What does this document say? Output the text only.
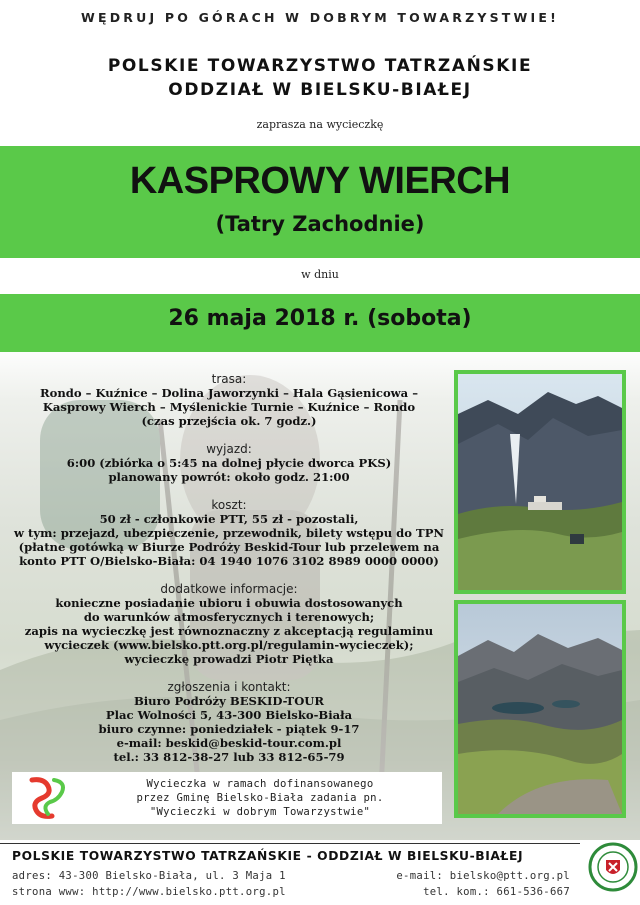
WĘDRUJ PO GÓRACH W DOBRYM TOWARZYSTWIE!
POLSKIE TOWARZYSTWO TATRZAŃSKIE
ODDZIAŁ W BIELSKU-BIAŁEJ
zaprasza na wycieczkę
KASPROWY WIERCH
(Tatry Zachodnie)
w dniu
26 maja 2018 r. (sobota)
trasa:
Rondo – Kuźnice – Dolina Jaworzynki – Hala Gąsienicowa –
Kasprowy Wierch – Myślenickie Turnie – Kuźnice – Rondo
(czas przejścia ok. 7 godz.)
wyjazd:
6:00 (zbiórka o 5:45 na dolnej płycie dworca PKS)
planowany powrót: około godz. 21:00
koszt:
50 zł - członkowie PTT, 55 zł - pozostali,
w tym: przejazd, ubezpieczenie, przewodnik, bilety wstępu do TPN
(płatne gotówką w Biurze Podróży Beskid-Tour lub przelewem na
konto PTT O/Bielsko-Biała: 04 1940 1076 3102 8989 0000 0000)
dodatkowe informacje:
konieczne posiadanie ubioru i obuwia dostosowanych
do warunków atmosferycznych i terenowych;
zapis na wycieczkę jest równoznaczny z akceptacją regulaminu
wycieczek (www.bielsko.ptt.org.pl/regulamin-wycieczek);
wycieczkę prowadzi Piotr Piętka
zgłoszenia i kontakt:
Biuro Podróży BESKID-TOUR
Plac Wolności 5, 43-300 Bielsko-Biała
biuro czynne: poniedziałek - piątek 9-17
e-mail: beskid@beskid-tour.com.pl
tel.: 33 812-38-27 lub 33 812-65-79
Wycieczka w ramach dofinansowanego
przez Gminę Bielsko-Biała zadania pn.
"Wycieczki w dobrym Towarzystwie"
POLSKIE TOWARZYSTWO TATRZAŃSKIE - ODDZIAŁ W BIELSKU-BIAŁEJ
adres: 43-300 Bielsko-Biała, ul. 3 Maja 1
strona www: http://www.bielsko.ptt.org.pl
e-mail: bielsko@ptt.org.pl
tel. kom.: 661-536-667
